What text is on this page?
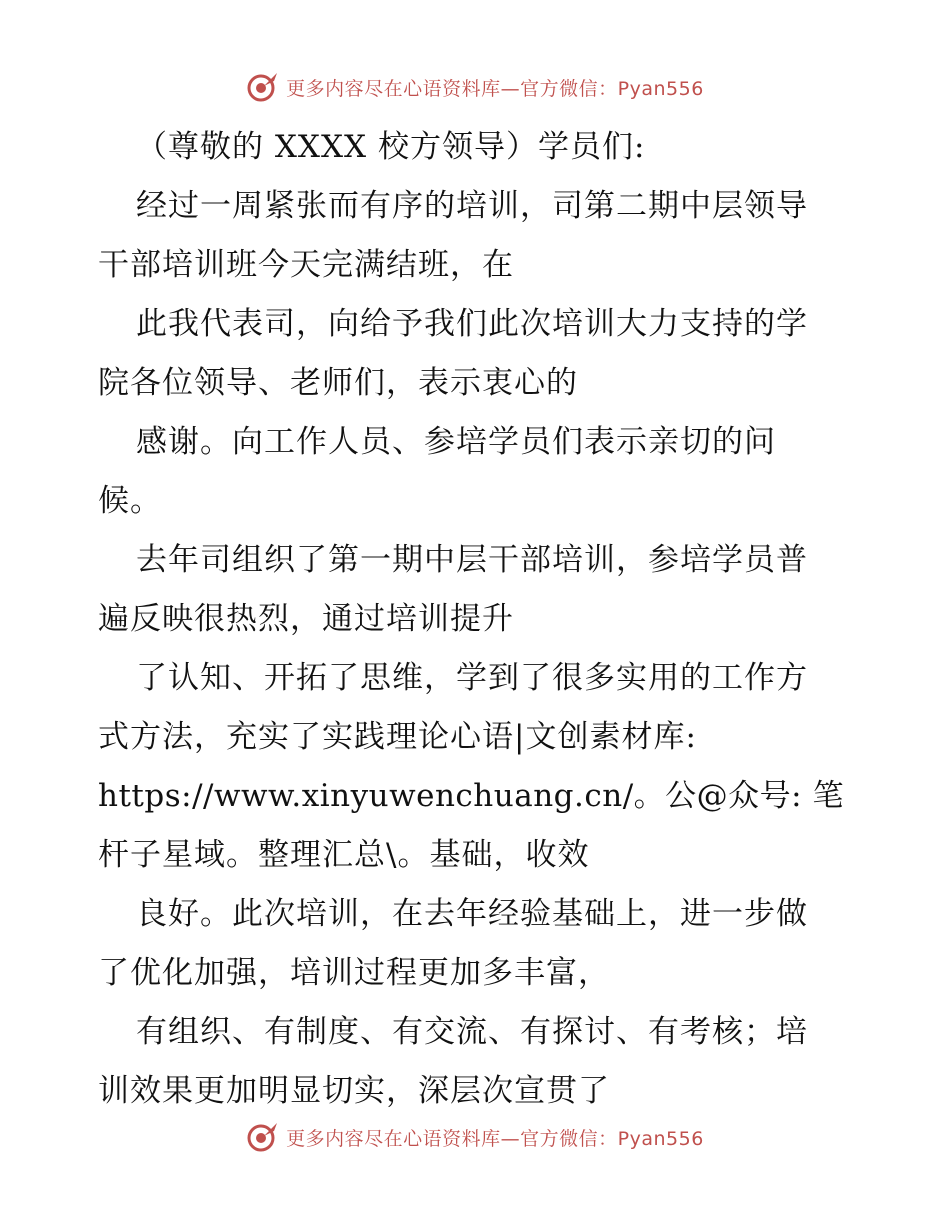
更多内容尽在心语资料库—官方微信：Pyan556
（尊敬的 XXXX 校方领导）学员们:
经过一周紧张而有序的培训，司第二期中层领导
干部培训班今天完满结班，在
此我代表司，向给予我们此次培训大力支持的学
院各位领导、老师们，表示衷心的
感谢。向工作人员、参培学员们表示亲切的问
候。
去年司组织了第一期中层干部培训，参培学员普
遍反映很热烈，通过培训提升
了认知、开拓了思维，学到了很多实用的工作方
式方法，充实了实践理论心语|文创素材库:
https://www.xinyuwenchuang.cn/。公@众号: 笔
杆子星域。整理汇总\。基础，收效
良好。此次培训，在去年经验基础上，进一步做
了优化加强，培训过程更加多丰富，
有组织、有制度、有交流、有探讨、有考核；培
训效果更加明显切实，深层次宣贯了
更多内容尽在心语资料库—官方微信：Pyan556
